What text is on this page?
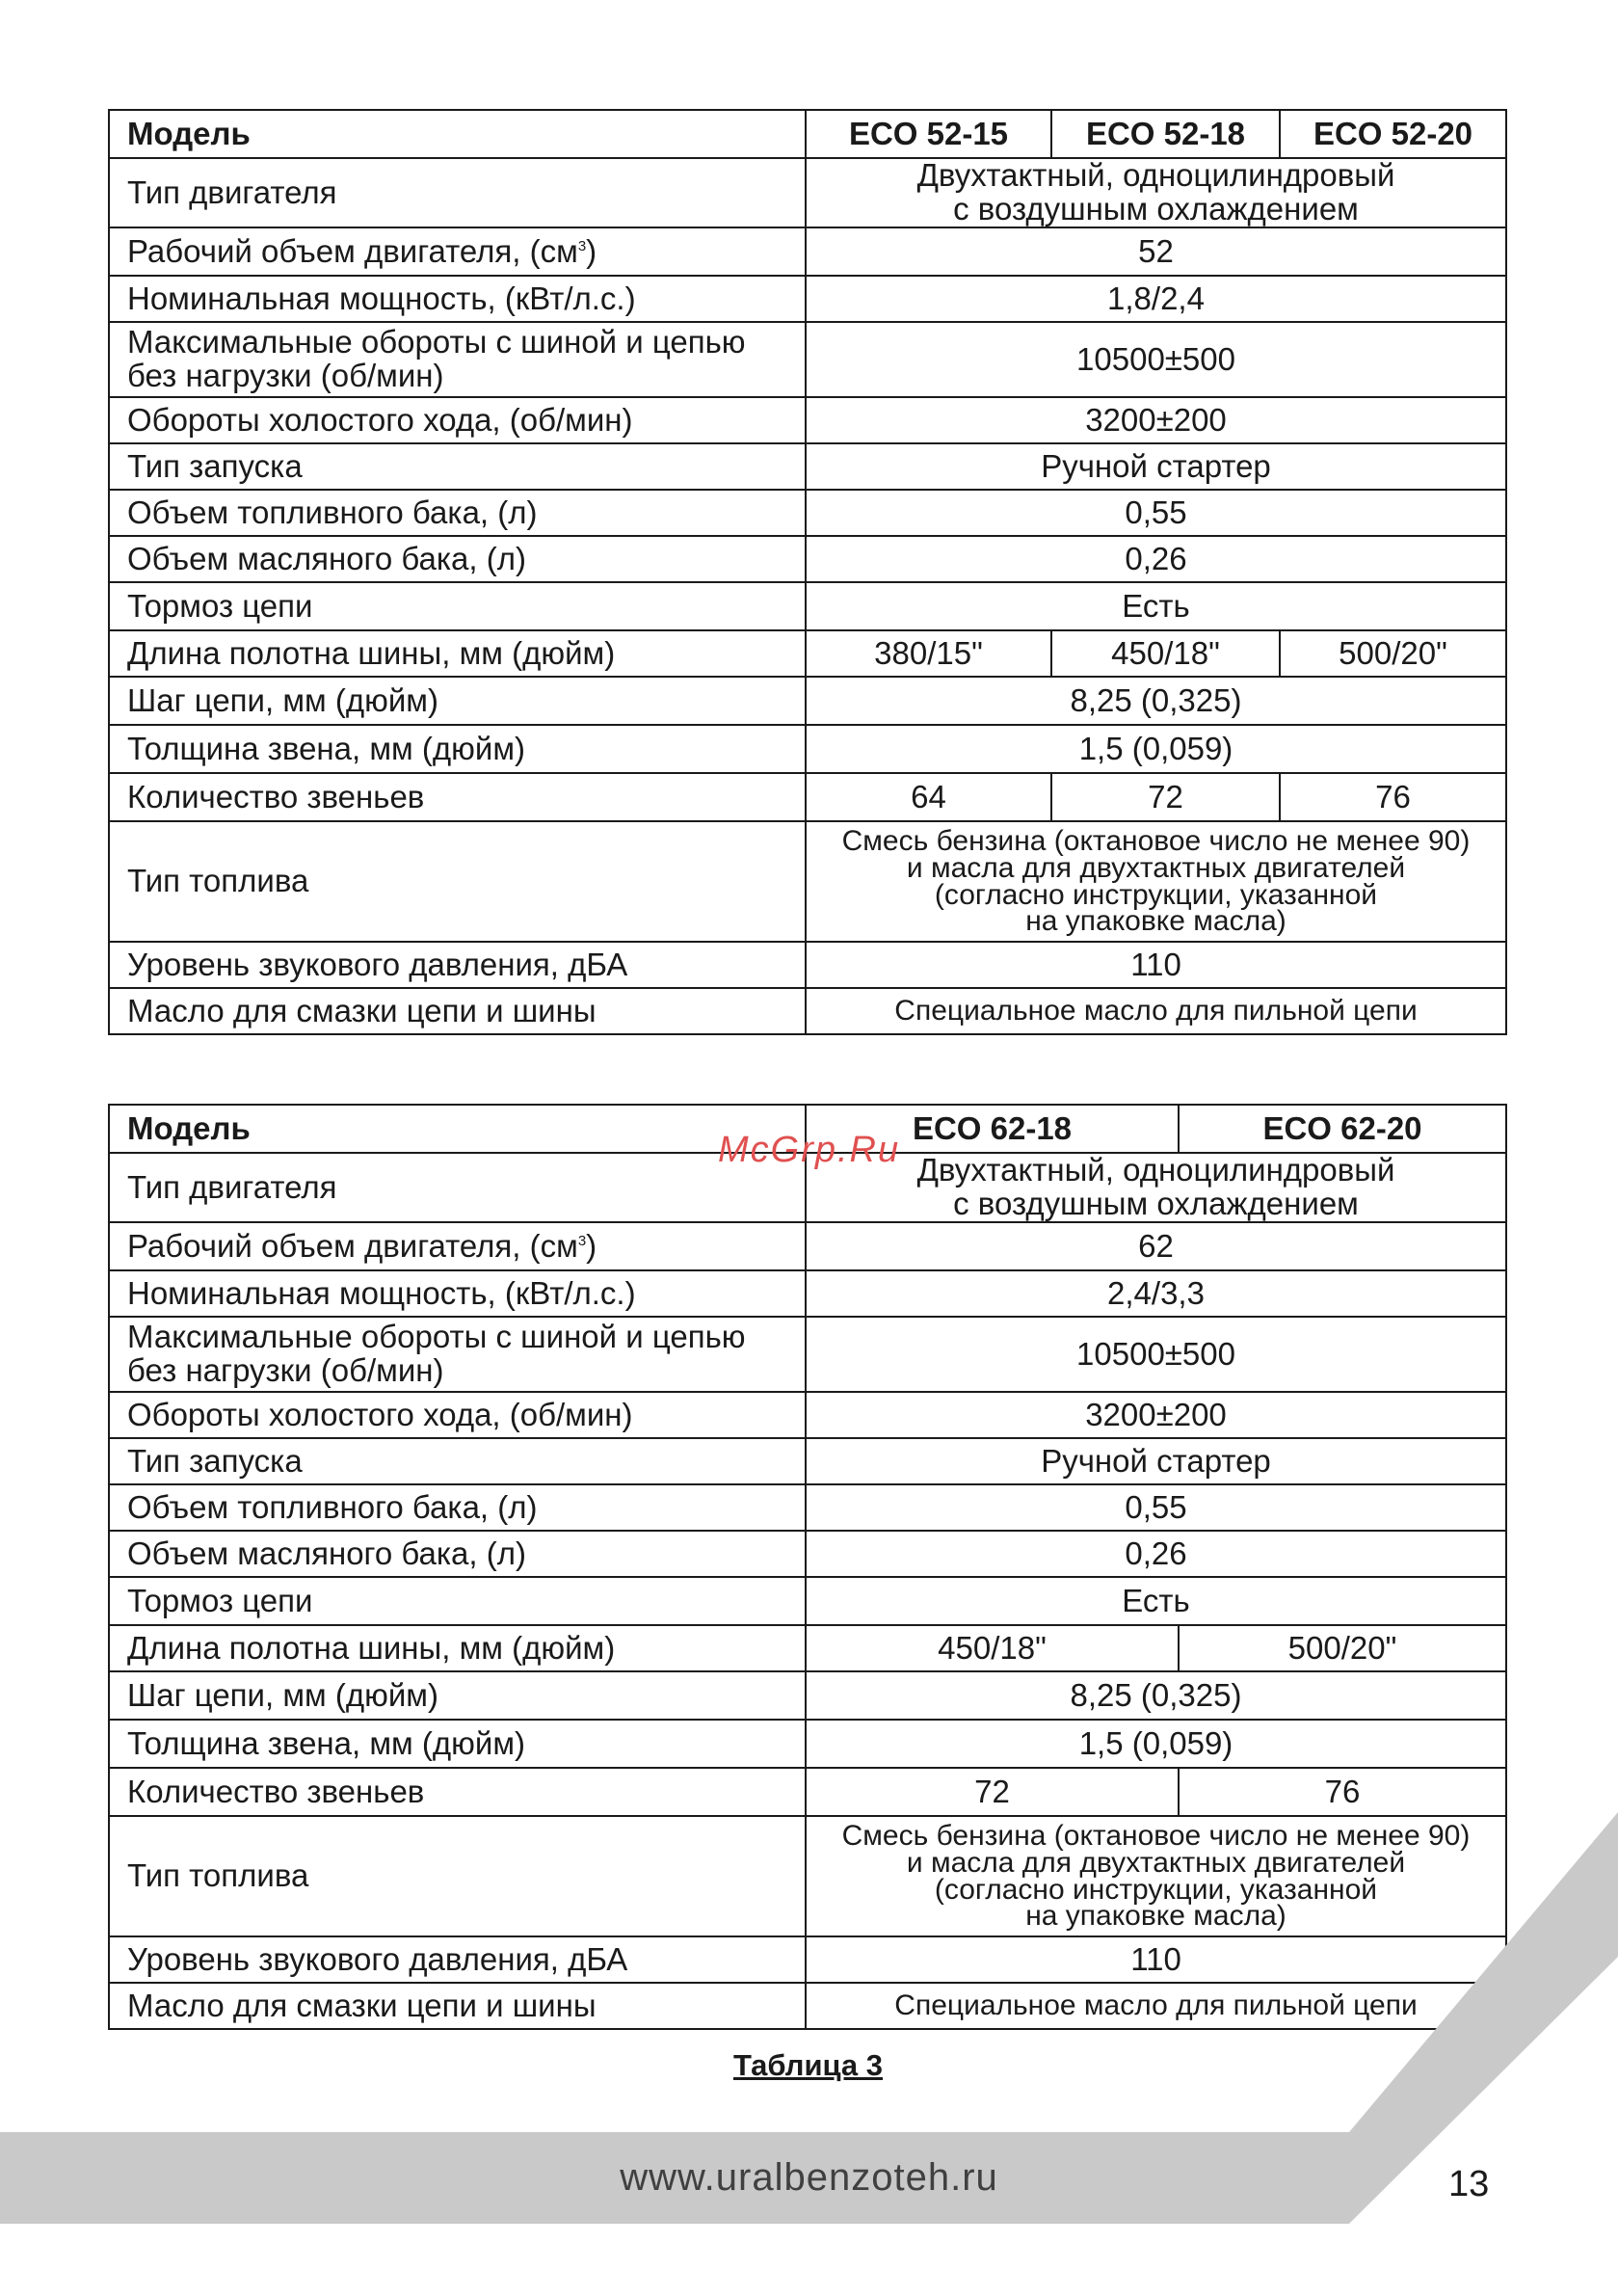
Модель	ECO 52-15	ECO 52-18	ECO 52-20
Тип двигателя	Двухтактный, одноцилиндровый
с воздушным охлаждением		

Рабочий объем двигателя, $(см^3)$	52		
Номинальная мощность, (кВт/л.с.)	1,8/2,4		

Максимальные обороты с шиной и цепью
без нагрузки (об/мин)	10500±500		
Обороты холостого хода, (об/мин)	3200±200		
Тип запуска	Ручной стартер		
Объем топливного бака, (л)	0,55		
Объем масляного бака, (л)	0,26		
Тормоз цепи	Есть		
Длина полотна шины, мм (дюйм)	380/15"	450/18"	500/20"
Шаг цепи, мм (дюйм)	8,25 (0,325)		
Толщина звена, мм (дюйм)	1,5 (0,059)		
Количество звеньев	64	72	76
Тип топлива	Смесь бензина (октановое число не менее 90)
и масла для двухтактных двигателей
(согласно инструкции, указанной
на упаковке масла)		

Уровень звукового давления, дБА	110		
Масло для смазки цепи и шины	Специальное масло для пильной цепи		
Модель	ECO 62-18	ECO 62-20
Тип двигателя	Двухтактный, одноцилиндровый
с воздушным охлаждением	

Рабочий объем двигателя, $(см^3)$	62	
Номинальная мощность, (кВт/л.с.)	2,4/3,3	

Максимальные обороты с шиной и цепью
без нагрузки (об/мин)	10500±500	
Обороты холостого хода, (об/мин)	3200±200	
Тип запуска	Ручной стартер	
Объем топливного бака, (л)	0,55	
Объем масляного бака, (л)	0,26	
Тормоз цепи	Есть	
Длина полотна шины, мм (дюйм)	450/18"	500/20"
Шаг цепи, мм (дюйм)	8,25 (0,325)	
Толщина звена, мм (дюйм)	1,5 (0,059)	
Количество звеньев	72	76
Тип топлива	Смесь бензина (октановое число не менее 90)
и масла для двухтактных двигателей
(согласно инструкции, указанной
на упаковке масла)	

Уровень звукового давления, дБА	110	
Масло для смазки цепи и шины	Специальное масло для пильной цепи	
McGrp.Ru
Таблица 3
www.uralbenzoteh.ru	13
